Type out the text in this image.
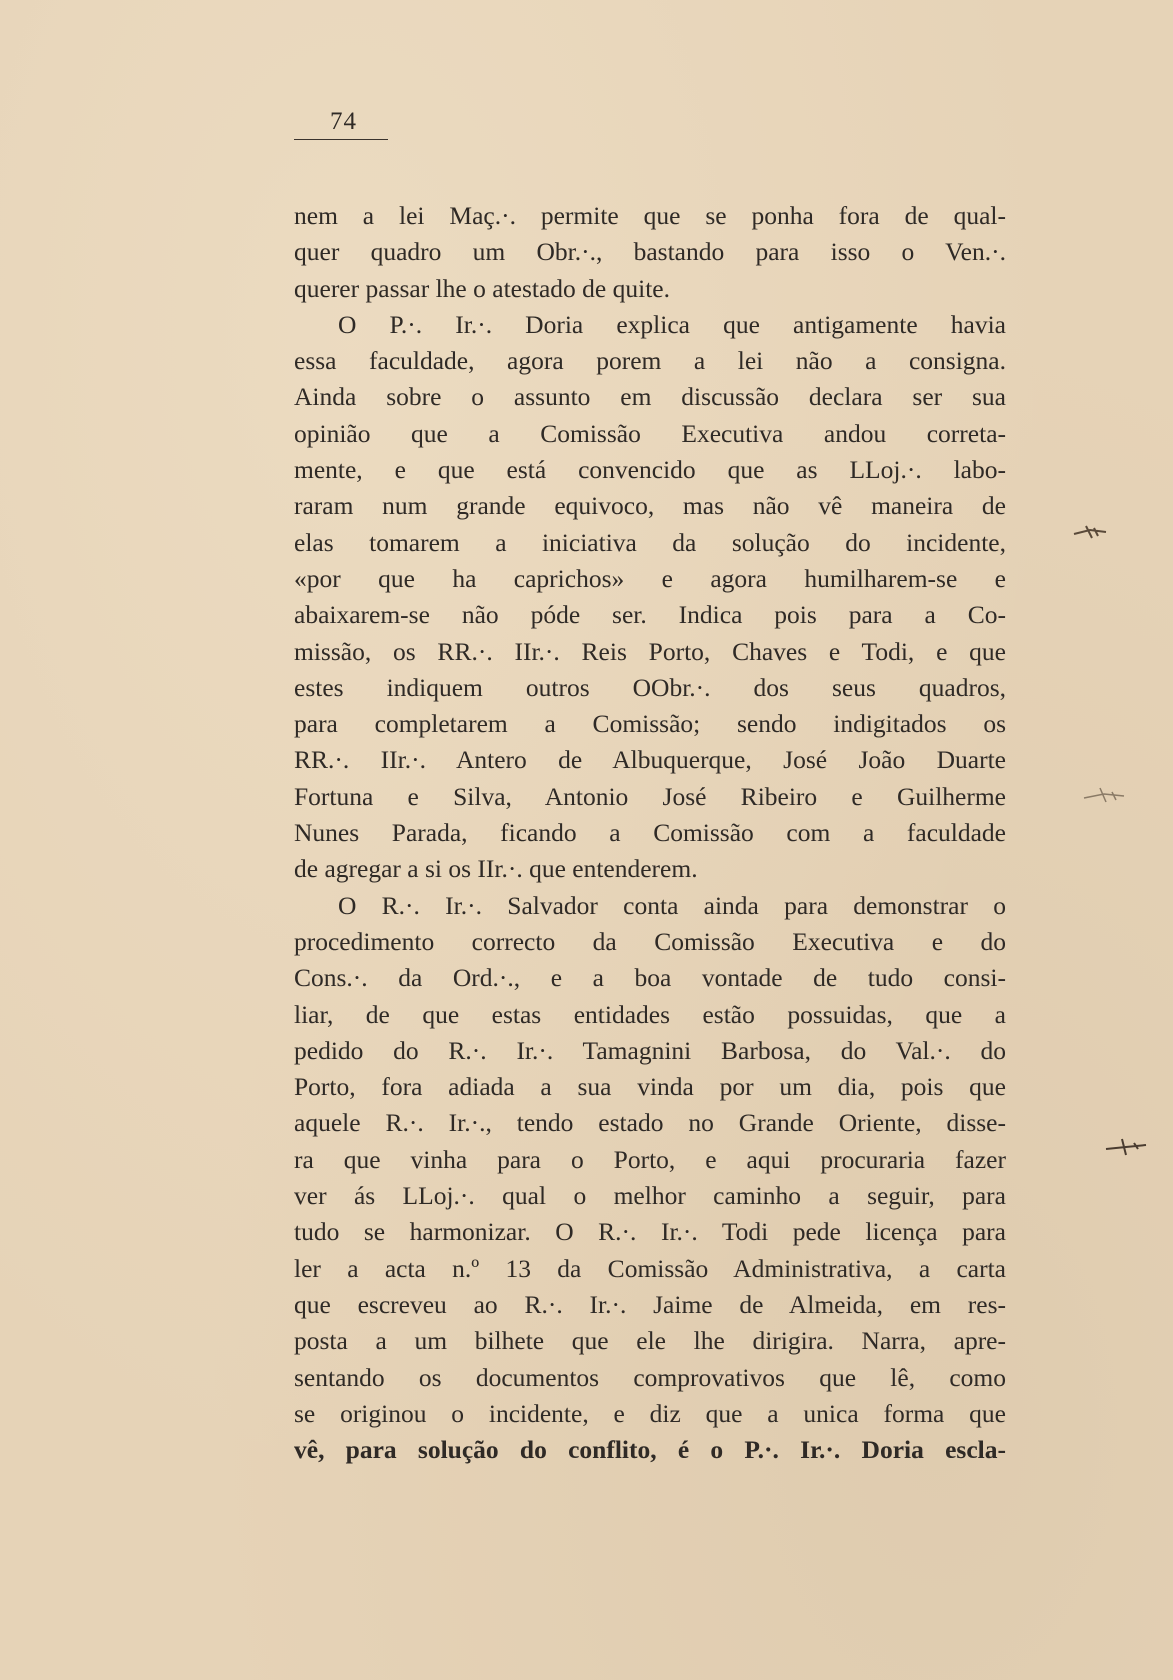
74
nem a lei Maç.·. permite que se ponha fora de qual-
quer quadro um Obr.·., bastando para isso o Ven.·.
querer passar lhe o atestado de quite.
O P.·. Ir.·. Doria explica que antigamente havia
essa faculdade, agora porem a lei não a consigna.
Ainda sobre o assunto em discussão declara ser sua
opinião que a Comissão Executiva andou correta-
mente, e que está convencido que as LLoj.·. labo-
raram num grande equivoco, mas não vê maneira de
elas tomarem a iniciativa da solução do incidente,
«por que ha caprichos» e agora humilharem-se e
abaixarem-se não póde ser. Indica pois para a Co-
missão, os RR.·. IIr.·. Reis Porto, Chaves e Todi, e que
estes indiquem outros OObr.·. dos seus quadros,
para completarem a Comissão; sendo indigitados os
RR.·. IIr.·. Antero de Albuquerque, José João Duarte
Fortuna e Silva, Antonio José Ribeiro e Guilherme
Nunes Parada, ficando a Comissão com a faculdade
de agregar a si os IIr.·. que entenderem.
O R.·. Ir.·. Salvador conta ainda para demonstrar o
procedimento correcto da Comissão Executiva e do
Cons.·. da Ord.·., e a boa vontade de tudo consi-
liar, de que estas entidades estão possuidas, que a
pedido do R.·. Ir.·. Tamagnini Barbosa, do Val.·. do
Porto, fora adiada a sua vinda por um dia, pois que
aquele R.·. Ir.·., tendo estado no Grande Oriente, disse-
ra que vinha para o Porto, e aqui procuraria fazer
ver ás LLoj.·. qual o melhor caminho a seguir, para
tudo se harmonizar. O R.·. Ir.·. Todi pede licença para
ler a acta n.º 13 da Comissão Administrativa, a carta
que escreveu ao R.·. Ir.·. Jaime de Almeida, em res-
posta a um bilhete que ele lhe dirigira. Narra, apre-
sentando os documentos comprovativos que lê, como
se originou o incidente, e diz que a unica forma que
vê, para solução do conflito, é o P.·. Ir.·. Doria escla-
